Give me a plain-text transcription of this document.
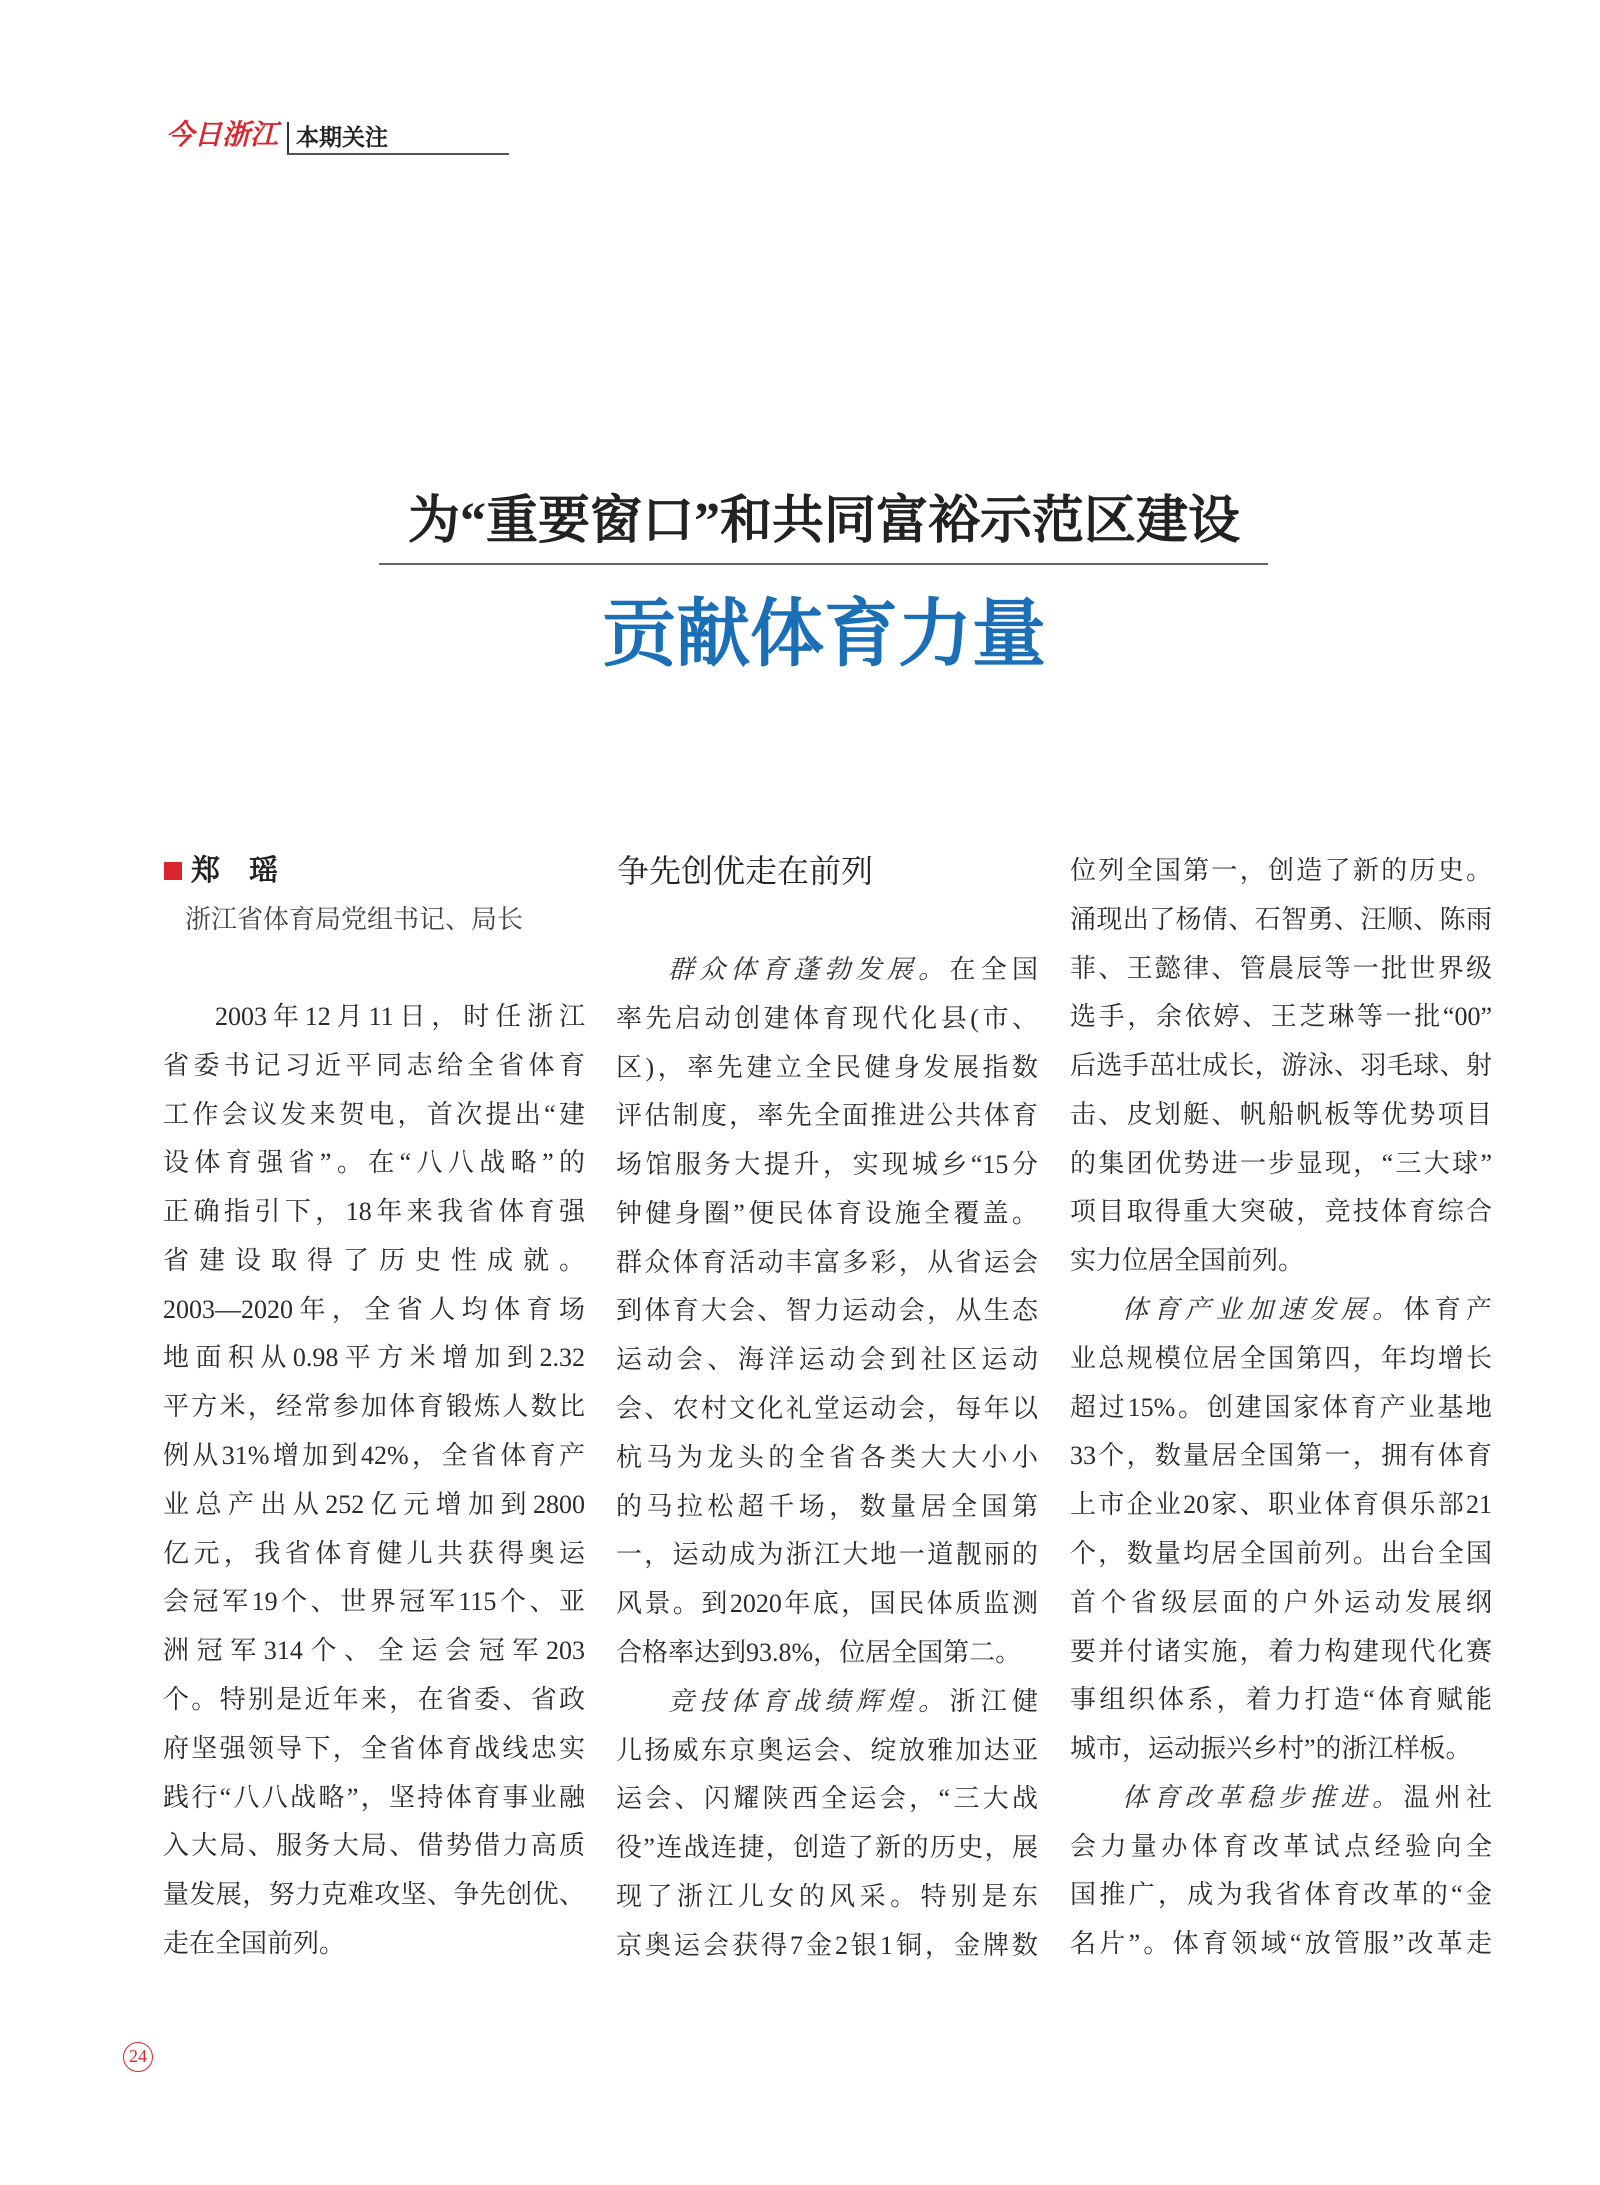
今日浙江 本期关注
为“重要窗口”和共同富裕示范区建设
贡献体育力量
郑　瑶
浙江省体育局党组书记、局长
2003年12月11日，时任浙江
省委书记习近平同志给全省体育
工作会议发来贺电，首次提出“建
设体育强省”。在“八八战略”的
正确指引下，18年来我省体育强
省建设取得了历史性成就。
2003—2020年，全省人均体育场
地面积从0.98平方米增加到2.32
平方米，经常参加体育锻炼人数比
例从31%增加到42%，全省体育产
业总产出从252亿元增加到2800
亿元，我省体育健儿共获得奥运
会冠军19个、世界冠军115个、亚
洲冠军314个、全运会冠军203
个。特别是近年来，在省委、省政
府坚强领导下，全省体育战线忠实
践行“八八战略”，坚持体育事业融
入大局、服务大局、借势借力高质
量发展，努力克难攻坚、争先创优、
走在全国前列。
争先创优走在前列
群众体育蓬勃发展。在全国
率先启动创建体育现代化县(市、
区)，率先建立全民健身发展指数
评估制度，率先全面推进公共体育
场馆服务大提升，实现城乡“15分
钟健身圈”便民体育设施全覆盖。
群众体育活动丰富多彩，从省运会
到体育大会、智力运动会，从生态
运动会、海洋运动会到社区运动
会、农村文化礼堂运动会，每年以
杭马为龙头的全省各类大大小小
的马拉松超千场，数量居全国第
一，运动成为浙江大地一道靓丽的
风景。到2020年底，国民体质监测
合格率达到93.8%，位居全国第二。
竞技体育战绩辉煌。浙江健
儿扬威东京奥运会、绽放雅加达亚
运会、闪耀陕西全运会，“三大战
役”连战连捷，创造了新的历史，展
现了浙江儿女的风采。特别是东
京奥运会获得7金2银1铜，金牌数
位列全国第一，创造了新的历史。
涌现出了杨倩、石智勇、汪顺、陈雨
菲、王懿律、管晨辰等一批世界级
选手，余依婷、王芝琳等一批“00”
后选手茁壮成长，游泳、羽毛球、射
击、皮划艇、帆船帆板等优势项目
的集团优势进一步显现，“三大球”
项目取得重大突破，竞技体育综合
实力位居全国前列。
体育产业加速发展。体育产
业总规模位居全国第四，年均增长
超过15%。创建国家体育产业基地
33个，数量居全国第一，拥有体育
上市企业20家、职业体育俱乐部21
个，数量均居全国前列。出台全国
首个省级层面的户外运动发展纲
要并付诸实施，着力构建现代化赛
事组织体系，着力打造“体育赋能
城市，运动振兴乡村”的浙江样板。
体育改革稳步推进。温州社
会力量办体育改革试点经验向全
国推广，成为我省体育改革的“金
名片”。体育领域“放管服”改革走
24
